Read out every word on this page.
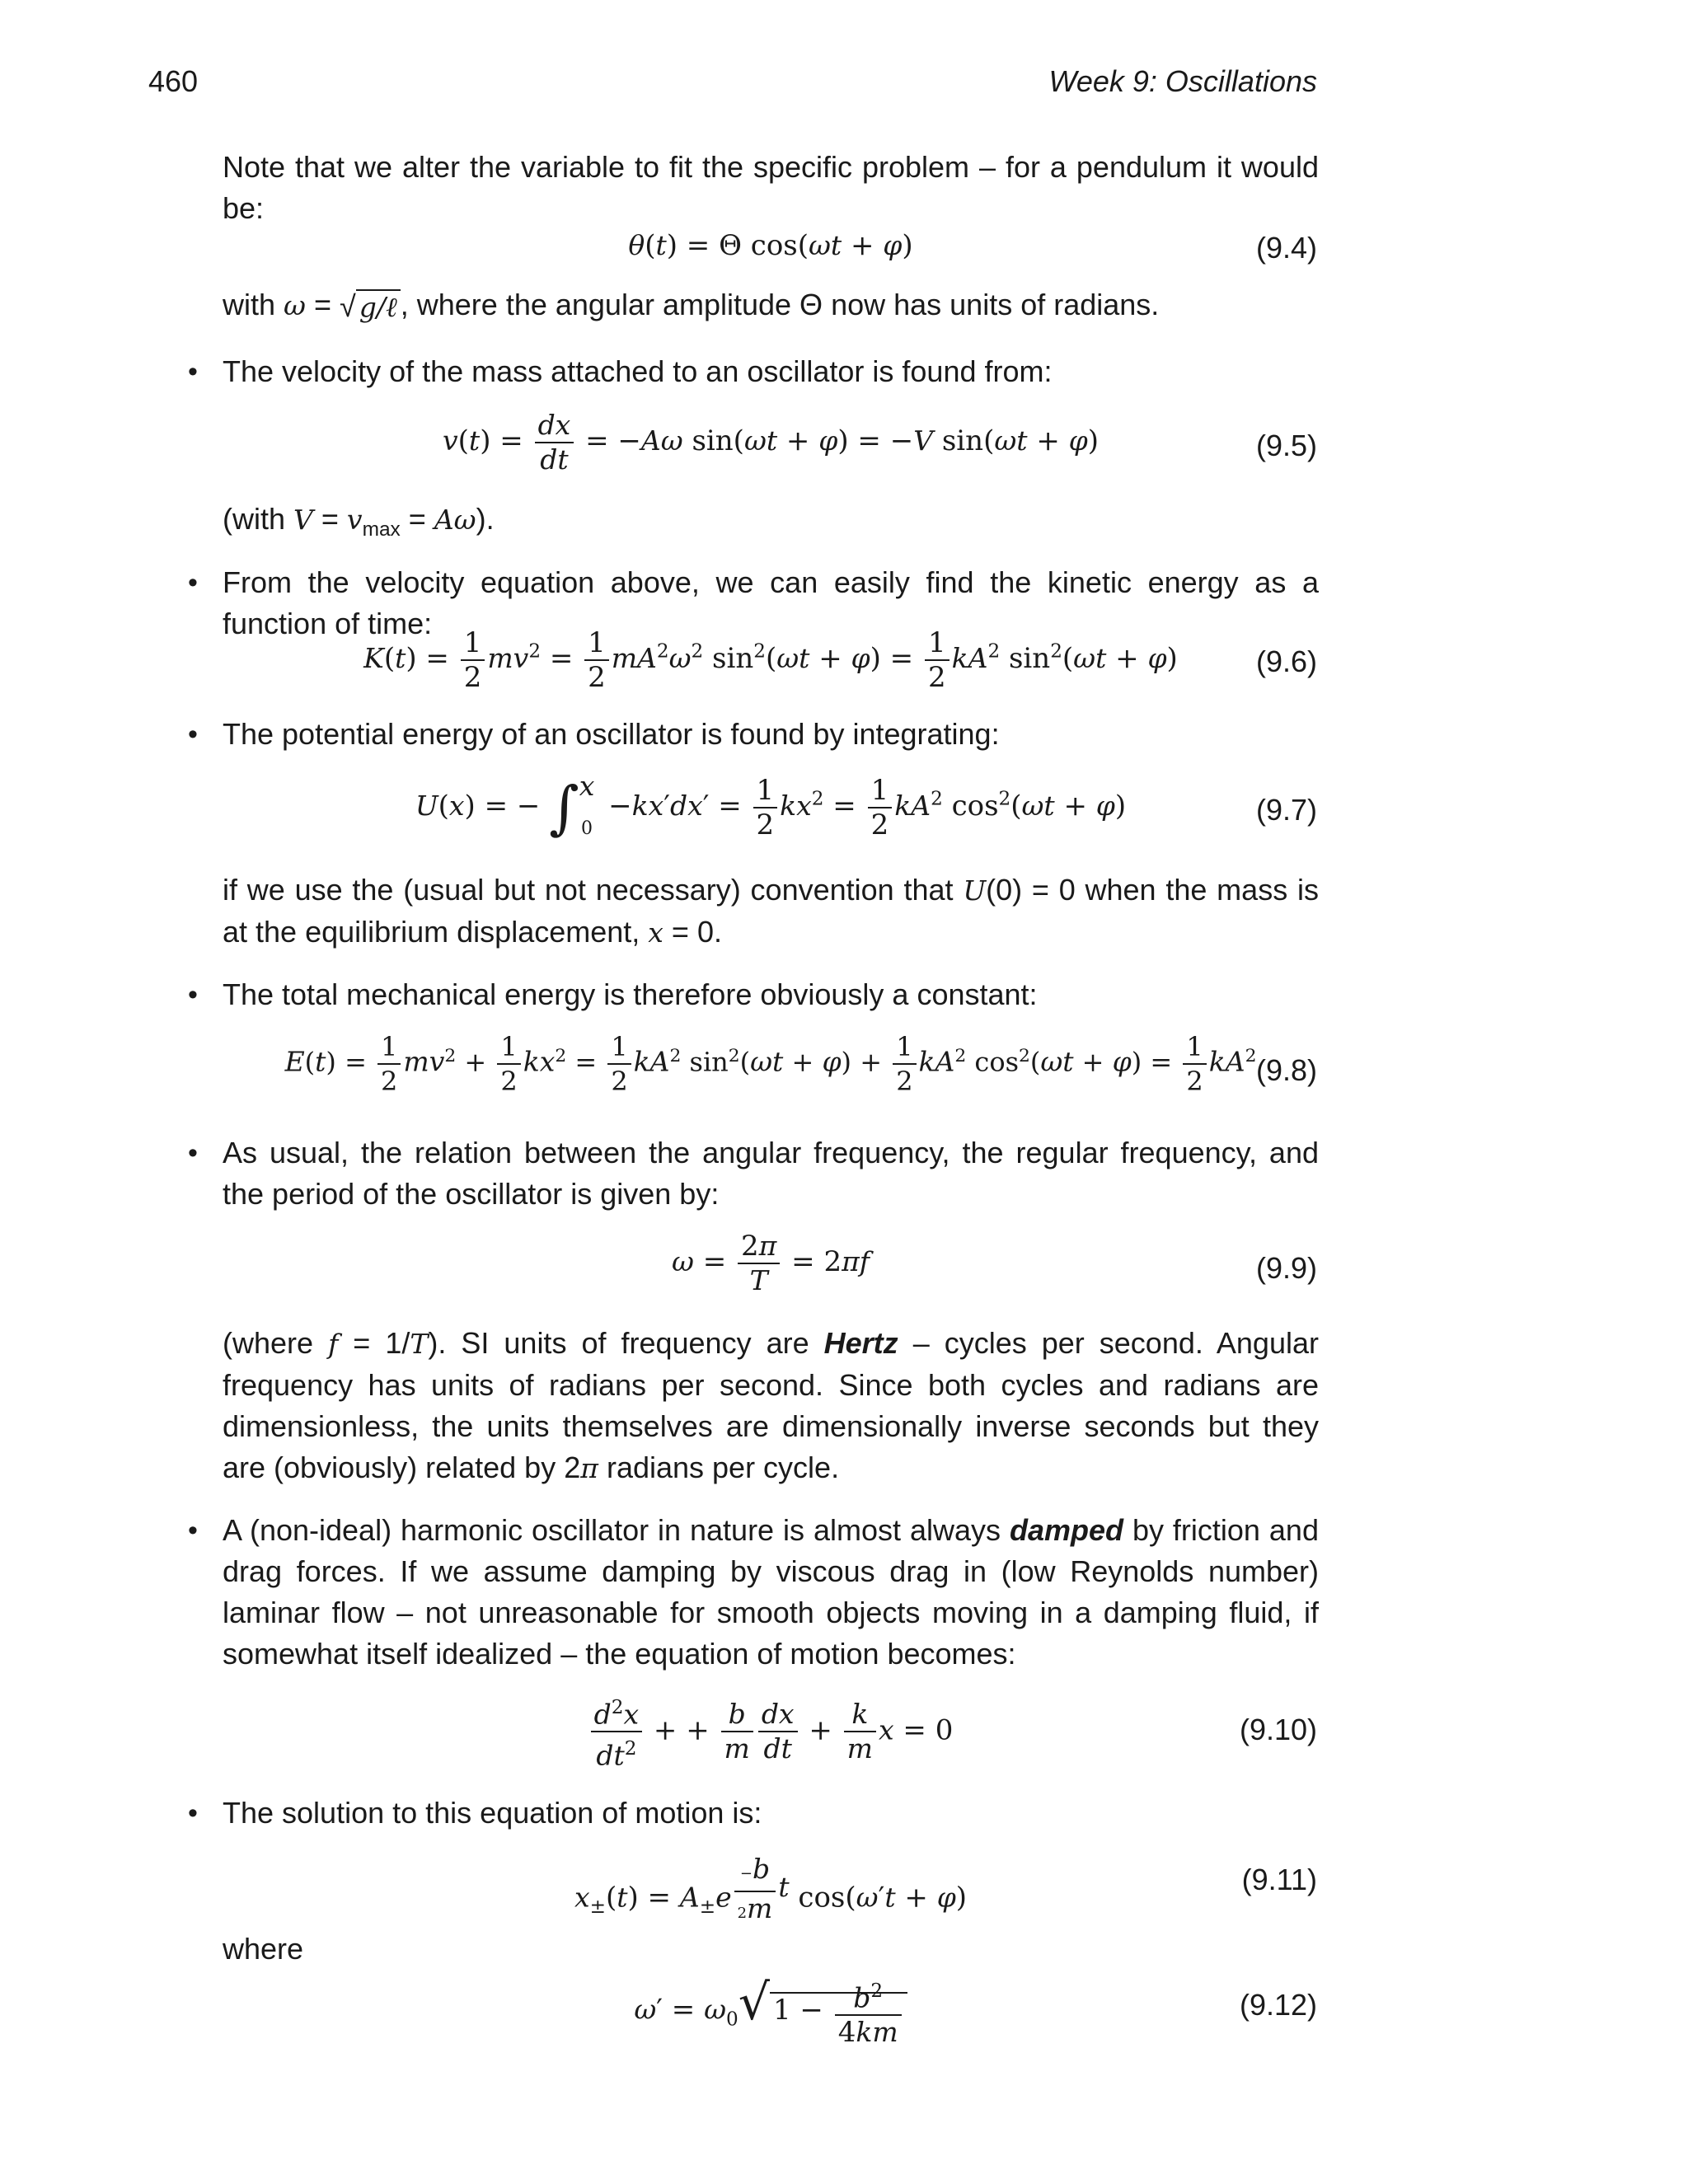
460	Week 9: Oscillations
Note that we alter the variable to fit the specific problem – for a pendulum it would be:
θ(t) = Θ cos(ωt + φ)	(9.4)
with ω = √ g/ℓ , where the angular amplitude Θ now has units of radians.
• The velocity of the mass attached to an oscillator is found from:
$v(t) = \frac{dx}{dt} = -A\omega$ sin(ωt + φ) = −V sin(ωt + φ)	(9.5)
(with $V = v_{max} = A\omega$).
• From the velocity equation above, we can easily find the kinetic energy as a function of time:
$K(t) = \frac{1}{2} mv^2 = \frac{1}{2} mA^2\omega^2$ $\sin^2(\omega t + \varphi) = \frac{1}{2} kA^2$ $\sin^2(\omega t + \varphi)$	(9.6)
• The potential energy of an oscillator is found by integrating:
U(x) = − ∫ x
0
$-kx'dx' = \frac{1}{2} kx^2 = \frac{1}{2} kA^2$ $\cos^2(\omega t + \varphi)$	(9.7)
if we use the (usual but not necessary) convention that U(0) = 0 when the mass is at the equilibrium displacement, x = 0.
• The total mechanical energy is therefore obviously a constant:
$E(t) = \frac{1}{2} mv^2 + \frac{1}{2} kx^2 = \frac{1}{2} kA^2$ $\sin^2(\omega t + \varphi) + \frac{1}{2} kA^2$ $\cos^2(\omega t + \varphi) = \frac{1}{2} kA^2$ (9.8)
• As usual, the relation between the angular frequency, the regular frequency, and the period of the oscillator is given by:
$\omega = \frac{2\pi}{T} = 2\pi f$	(9.9)
(where f = 1/T). SI units of frequency are Hertz – cycles per second. Angular frequency has units of radians per second. Since both cycles and radians are dimensionless, the units themselves are dimensionally inverse seconds but they are (obviously) related by 2π radians per cycle.
• A (non-ideal) harmonic oscillator in nature is almost always damped by friction and drag forces. If we assume damping by viscous drag in (low Reynolds number) laminar flow – not unreasonable for smooth objects moving in a damping fluid, if somewhat itself idealized – the equation of motion becomes:
$\frac{d^2x}{dt^2}$ + + $\frac{b}{m} \frac{dx}{dt} + \frac{k}{m}$ x = 0	(9.10)
• The solution to this equation of motion is:
$x_\pm(t) = A_\pm e$ $^{\frac{-b}{2m} t}$ cos(ω′t + φ)
(9.11)
where
$\omega' = \omega_0√$ $1 - \frac{b^2}{4km}$	(9.12)
